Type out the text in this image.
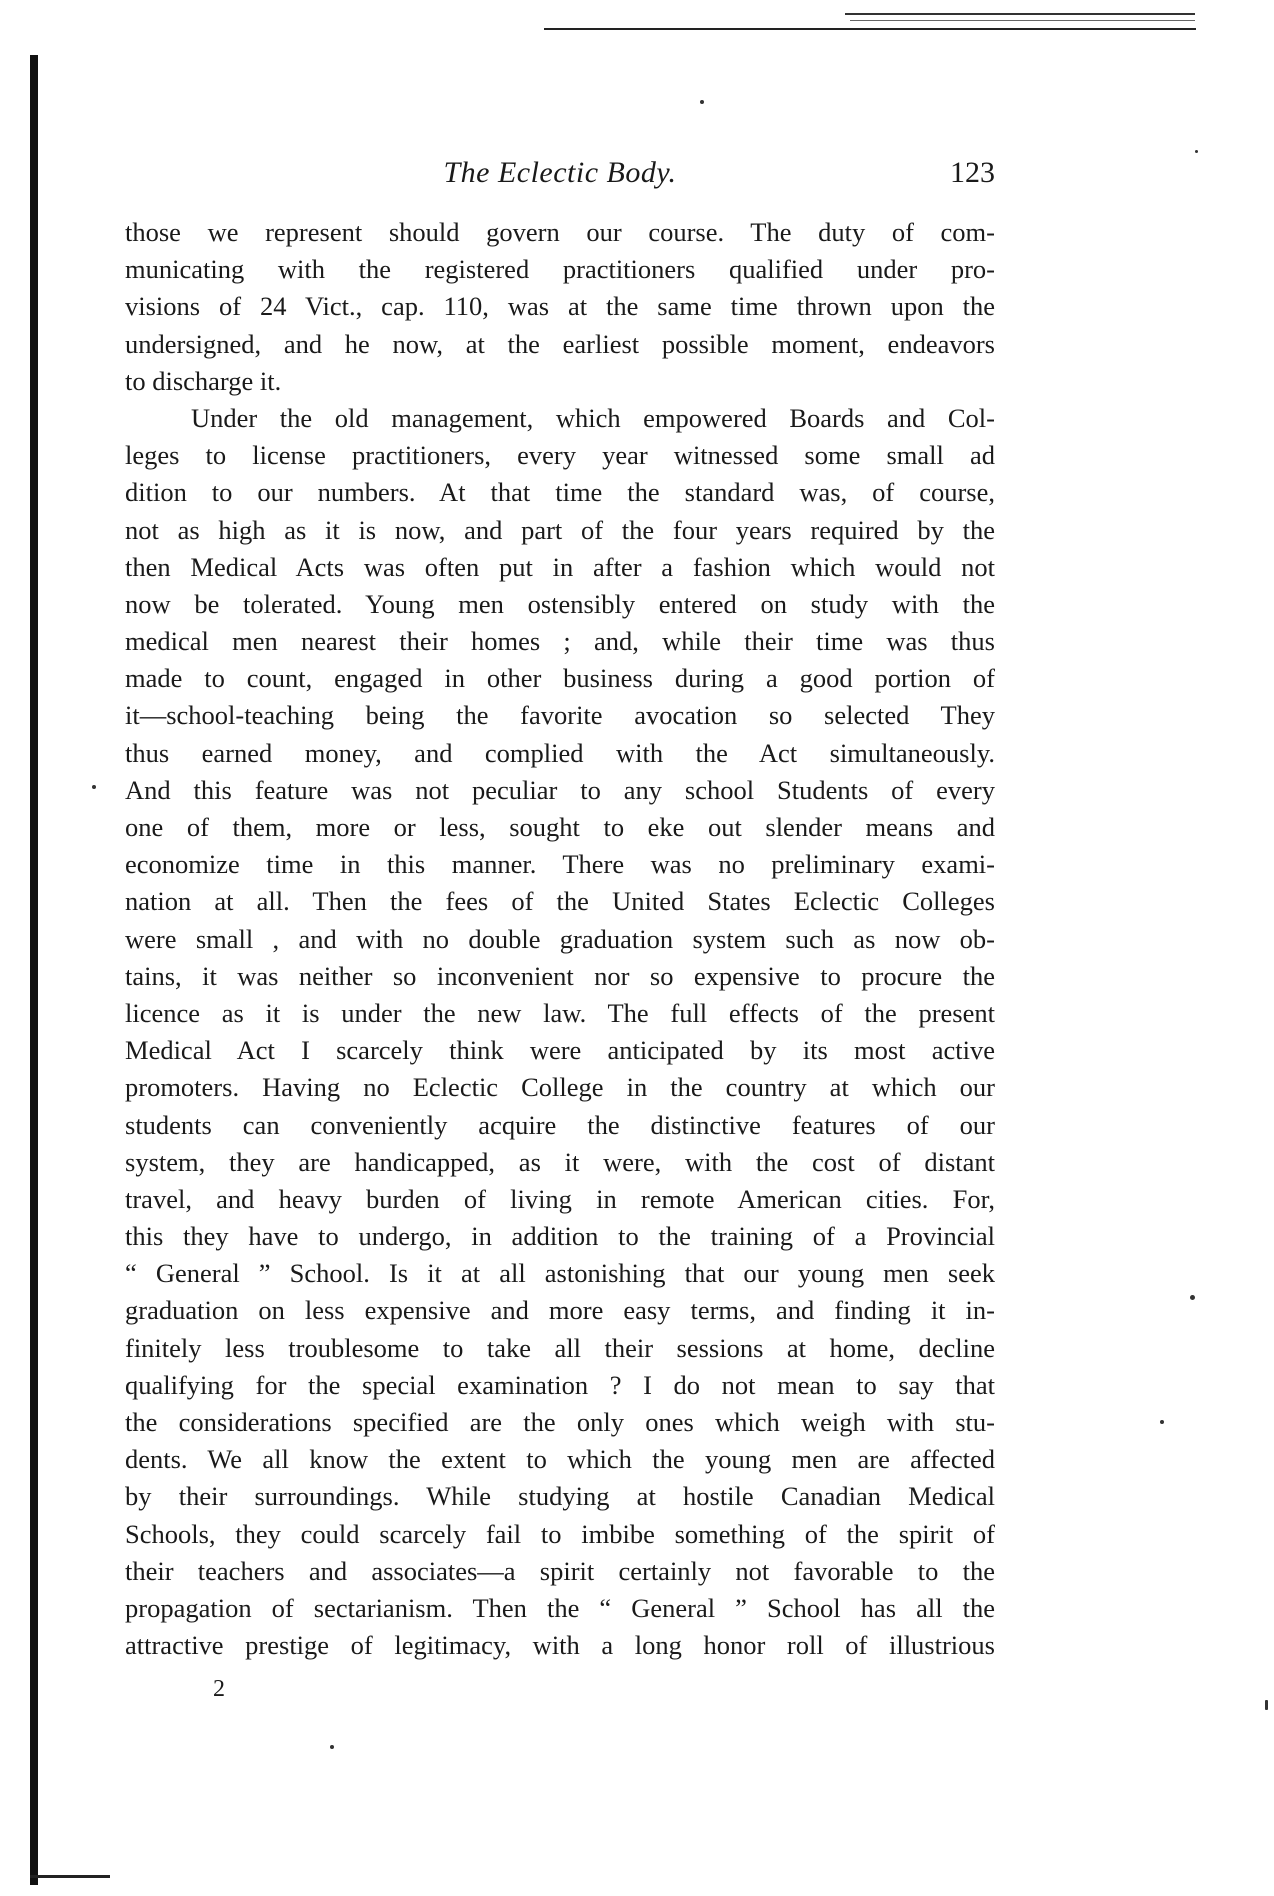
The Eclectic Body.	123
those we represent should govern our course. The duty of com-
municating with the registered practitioners qualified under pro-
visions of 24 Vict., cap. 110, was at the same time thrown upon the
undersigned, and he now, at the earliest possible moment, endeavors
to discharge it.
Under the old management, which empowered Boards and Col-
leges to license practitioners, every year witnessed some small ad
dition to our numbers. At that time the standard was, of course,
not as high as it is now, and part of the four years required by the
then Medical Acts was often put in after a fashion which would not
now be tolerated. Young men ostensibly entered on study with the
medical men nearest their homes ; and, while their time was thus
made to count, engaged in other business during a good portion of
it—school-teaching being the favorite avocation so selected They
thus earned money, and complied with the Act simultaneously.
And this feature was not peculiar to any school Students of every
one of them, more or less, sought to eke out slender means and
economize time in this manner. There was no preliminary exami-
nation at all. Then the fees of the United States Eclectic Colleges
were small , and with no double graduation system such as now ob-
tains, it was neither so inconvenient nor so expensive to procure the
licence as it is under the new law. The full effects of the present
Medical Act I scarcely think were anticipated by its most active
promoters. Having no Eclectic College in the country at which our
students can conveniently acquire the distinctive features of our
system, they are handicapped, as it were, with the cost of distant
travel, and heavy burden of living in remote American cities. For,
this they have to undergo, in addition to the training of a Provincial
“ General ” School. Is it at all astonishing that our young men seek
graduation on less expensive and more easy terms, and finding it in-
finitely less troublesome to take all their sessions at home, decline
qualifying for the special examination ? I do not mean to say that
the considerations specified are the only ones which weigh with stu-
dents. We all know the extent to which the young men are affected
by their surroundings. While studying at hostile Canadian Medical
Schools, they could scarcely fail to imbibe something of the spirit of
their teachers and associates—a spirit certainly not favorable to the
propagation of sectarianism. Then the “ General ” School has all the
attractive prestige of legitimacy, with a long honor roll of illustrious
2
